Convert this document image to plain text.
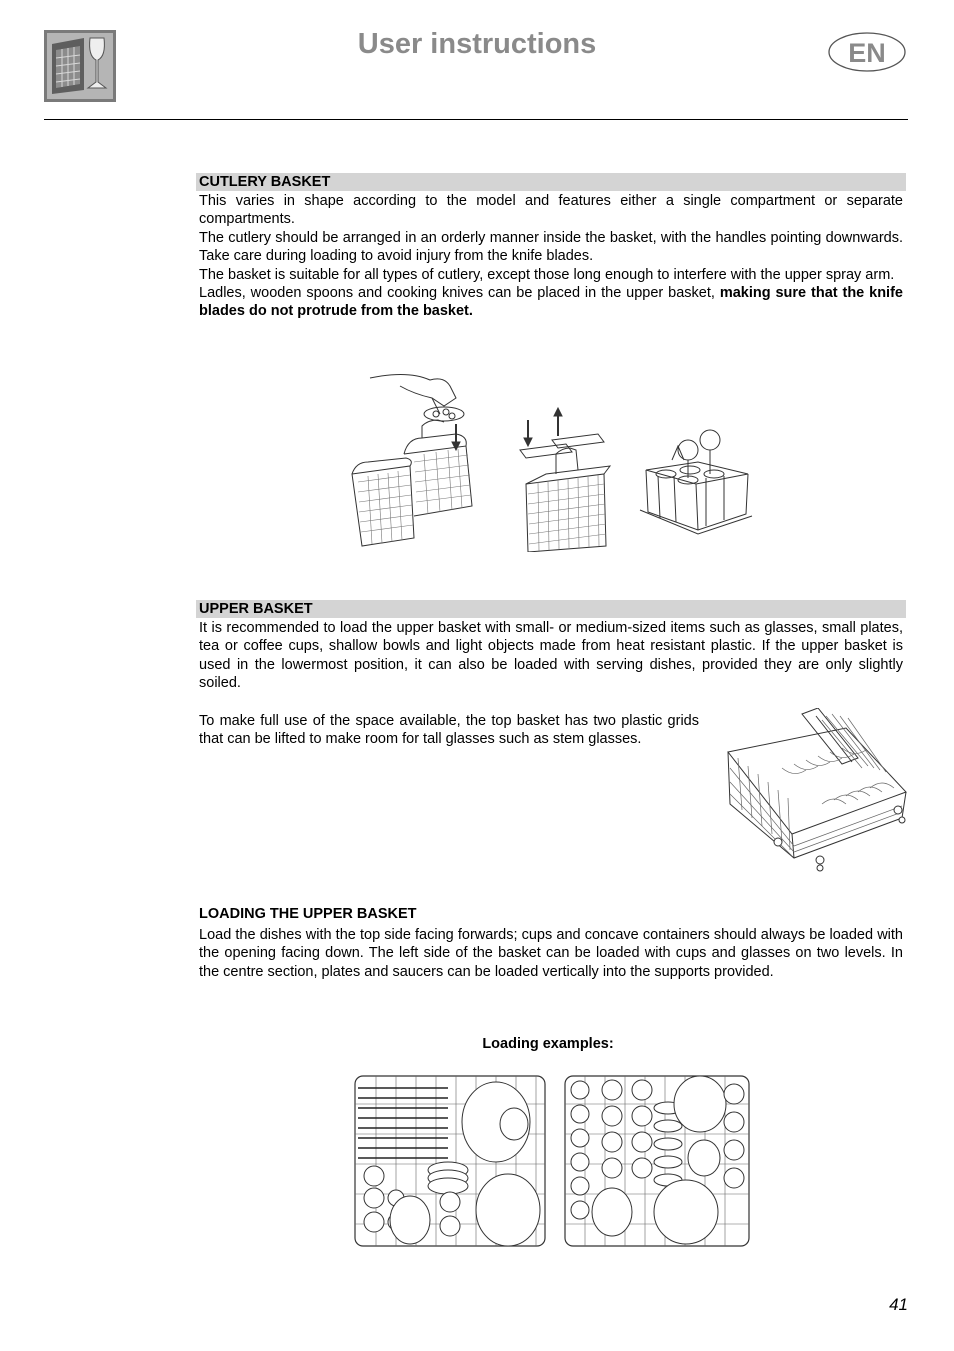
User instructions	EN
CUTLERY BASKET

This varies in shape according to the model and features either a single compartment or separate compartments.

The cutlery should be arranged in an orderly manner inside the basket, with the handles pointing downwards. Take care during loading to avoid injury from the knife blades.

The basket is suitable for all types of cutlery, except those long enough to interfere with the upper spray arm.

Ladles, wooden spoons and cooking knives can be placed in the upper basket, making sure that the knife blades do not protrude from the basket.

UPPER BASKET

It is recommended to load the upper basket with small- or medium-sized items such as glasses, small plates, tea or coffee cups, shallow bowls and light objects made from heat resistant plastic. If the upper basket is used in the lowermost position, it can also be loaded with serving dishes, provided they are only slightly soiled.

To make full use of the space available, the top basket has two plastic grids that can be lifted to make room for tall glasses such as stem glasses.

LOADING THE UPPER BASKET

Load the dishes with the top side facing forwards; cups and concave containers should always be loaded with the opening facing down. The left side of the basket can be loaded with cups and glasses on two levels. In the centre section, plates and saucers can be loaded vertically into the supports provided.

Loading examples:
41
